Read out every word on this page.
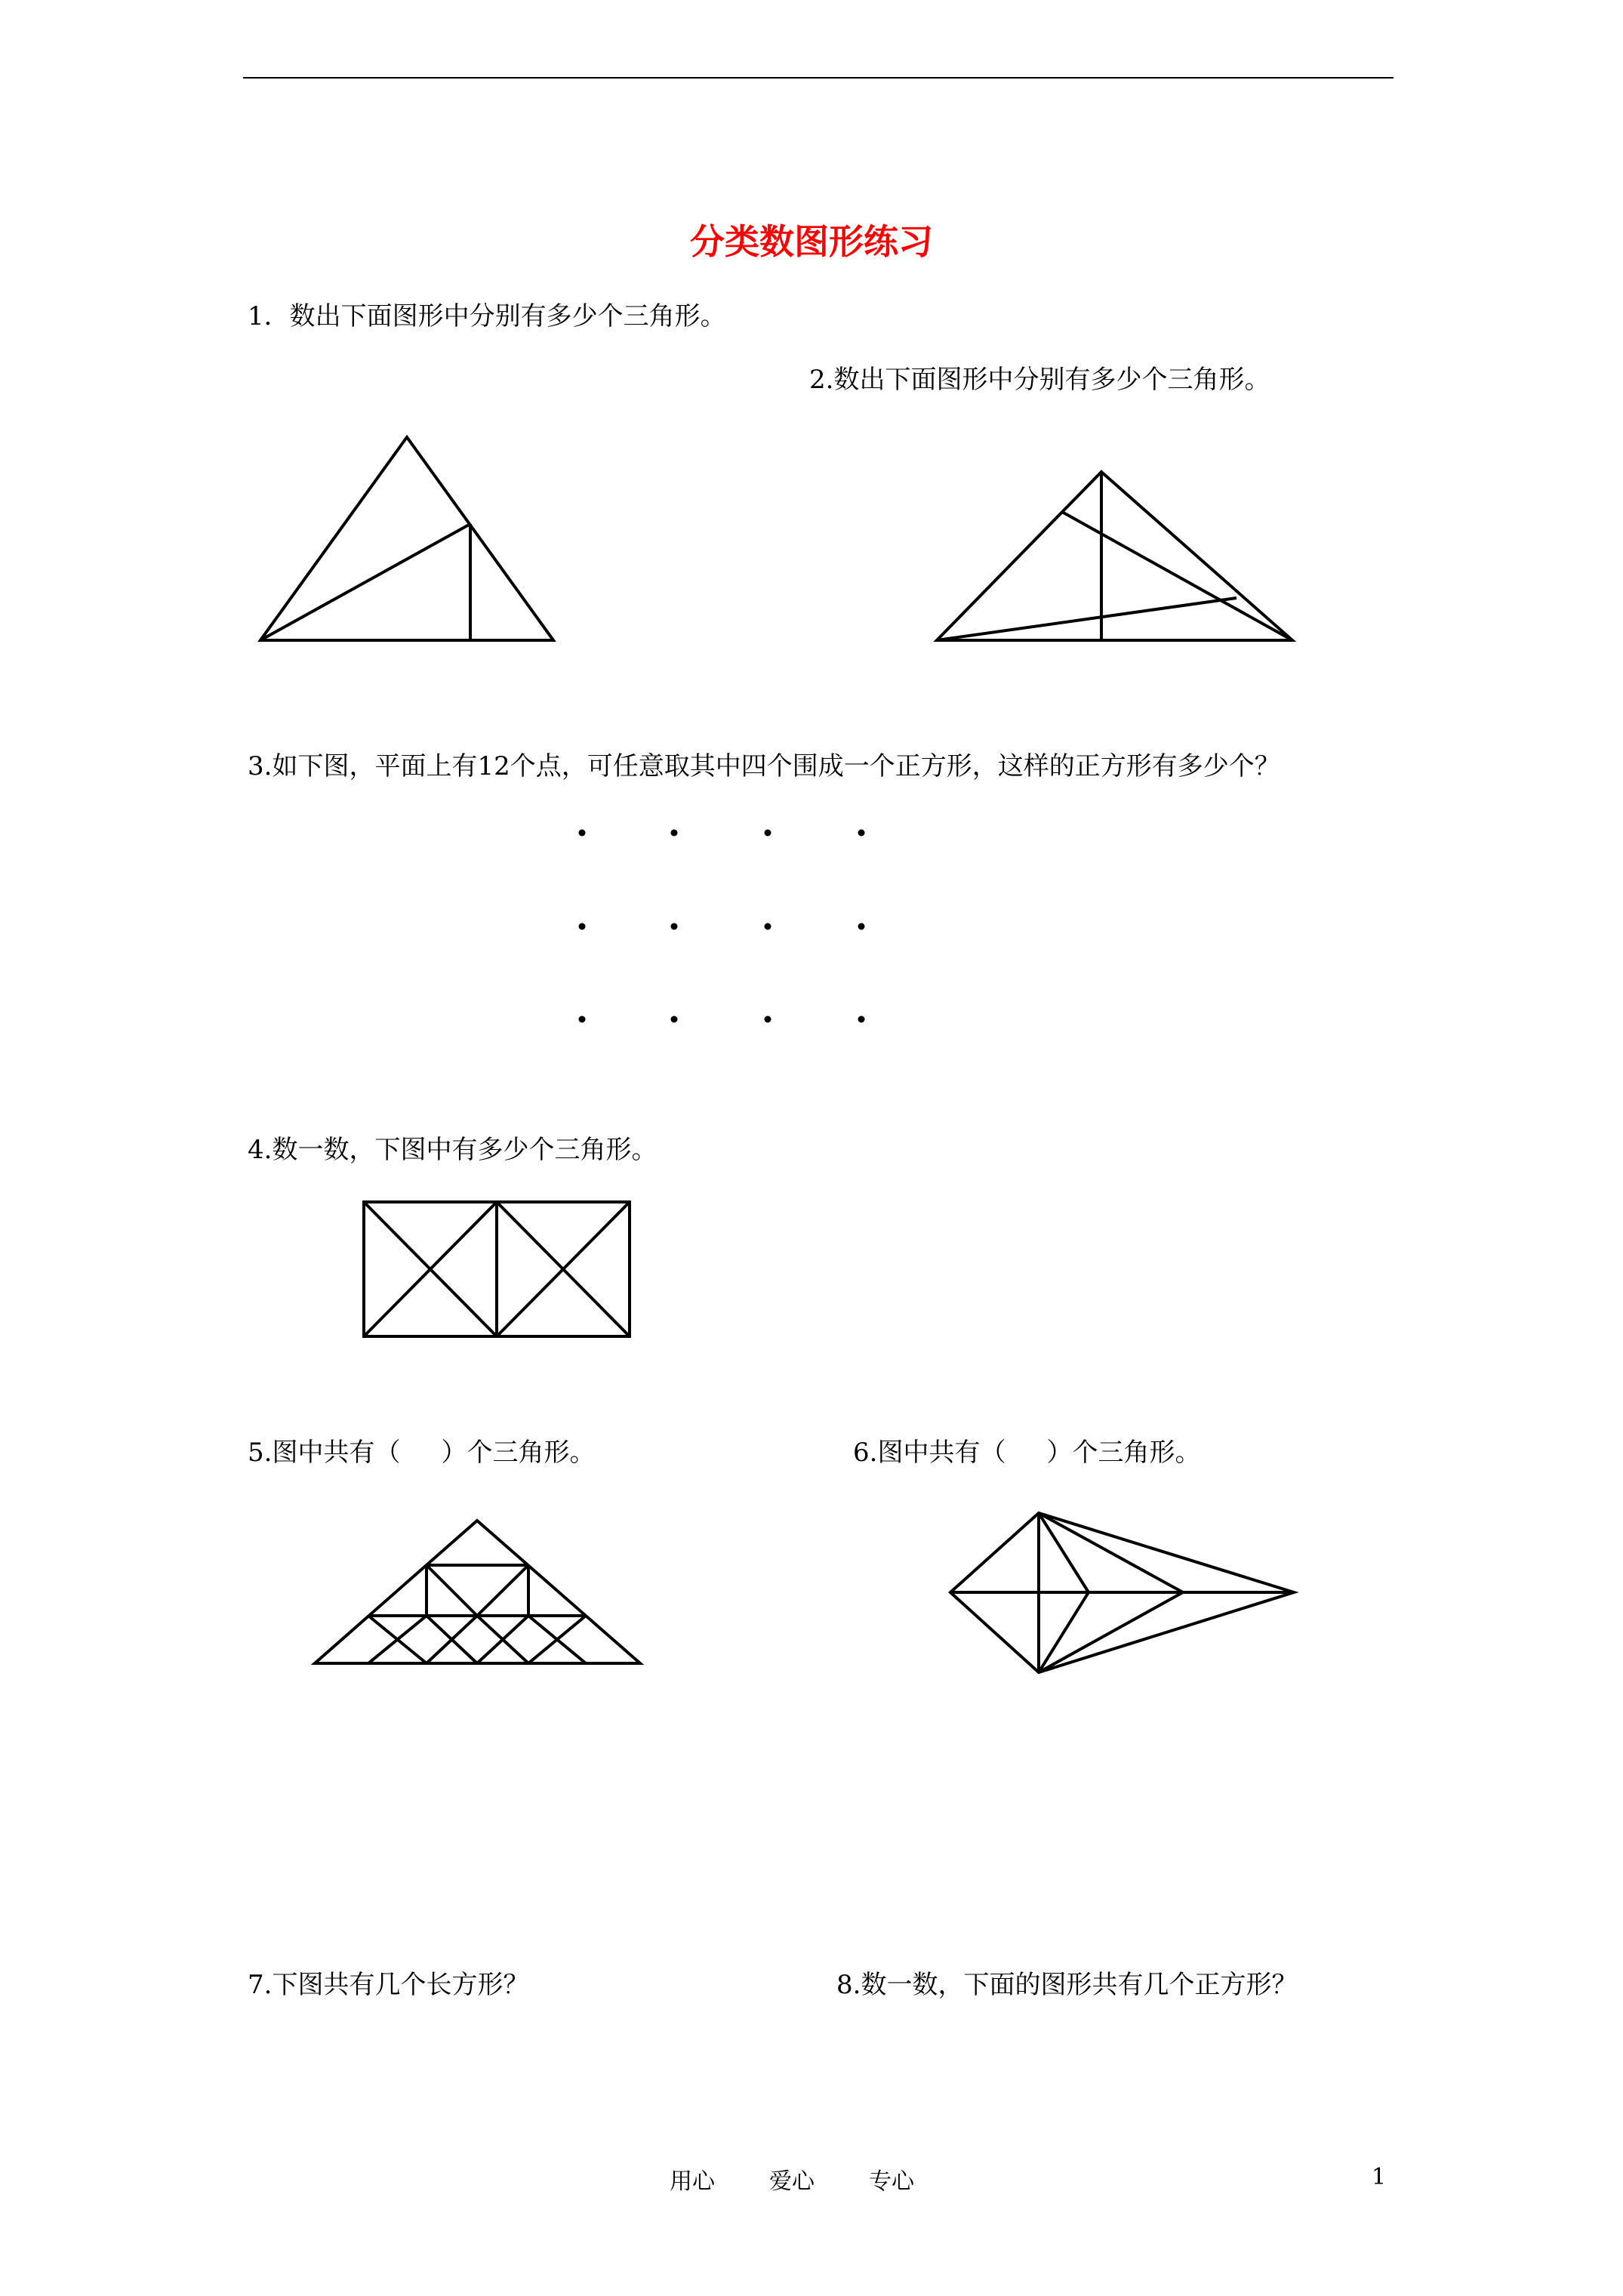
分类数图形练习
1．数出下面图形中分别有多少个三角形。
2.数出下面图形中分别有多少个三角形。
3.如下图，平面上有12个点，可任意取其中四个围成一个正方形，这样的正方形有多少个？
4.数一数，下图中有多少个三角形。
5.图中共有（ ）个三角形。	6.图中共有（ ）个三角形。
7.下图共有几个长方形？	8.数一数，下面的图形共有几个正方形？
用心 爱心 专心	1
